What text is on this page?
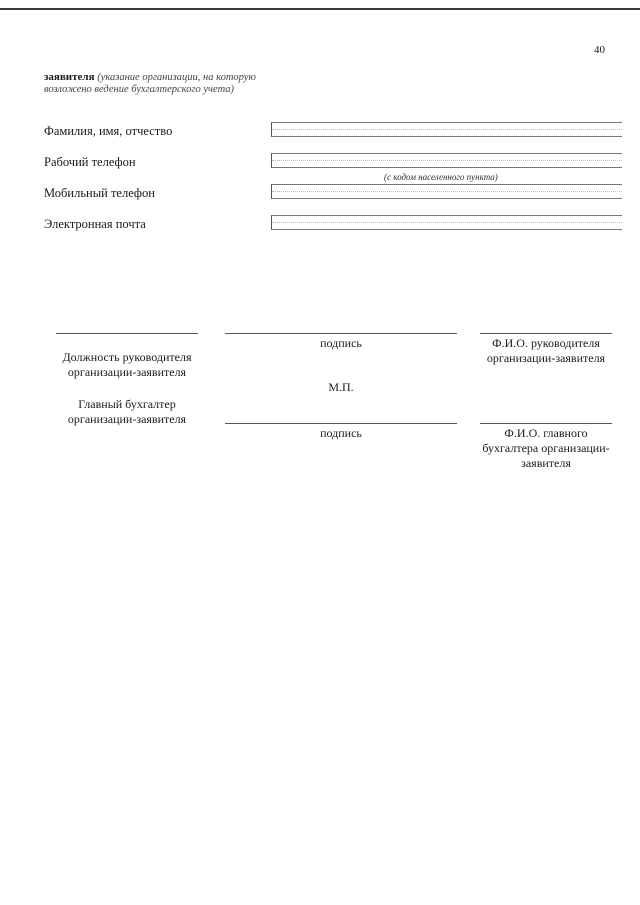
40
заявителя (указание организации, на которую возложено ведение бухгалтерского учета)
Фамилия, имя, отчество
Рабочий телефон
(с кодом населенного пункта)
Мобильный телефон
Электронная почта
подпись	Ф.И.О. руководителя организации-заявителя
Должность руководителя организации-заявителя
М.П.
Главный бухгалтер организации-заявителя
подпись	Ф.И.О. главного бухгалтера организации-заявителя
